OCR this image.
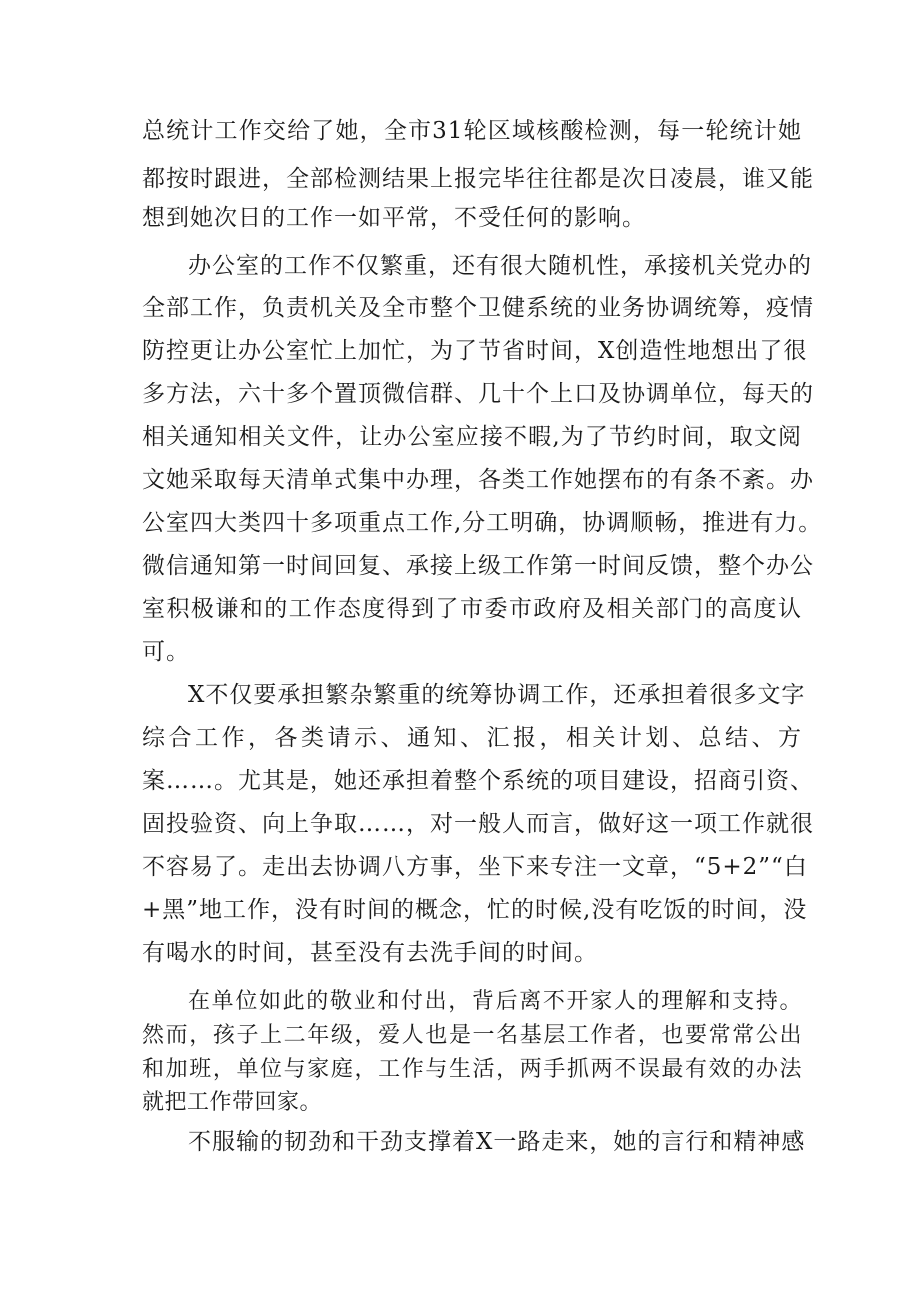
总统计工作交给了她，全市31轮区域核酸检测，每一轮统计她
都按时跟进，全部检测结果上报完毕往往都是次日凌晨，谁又能
想到她次日的工作一如平常，不受任何的影响。
办公室的工作不仅繁重，还有很大随机性，承接机关党办的
全部工作，负责机关及全市整个卫健系统的业务协调统筹，疫情
防控更让办公室忙上加忙，为了节省时间，X创造性地想出了很
多方法，六十多个置顶微信群、几十个上口及协调单位，每天的
相关通知相关文件，让办公室应接不暇,为了节约时间，取文阅
文她采取每天清单式集中办理，各类工作她摆布的有条不紊。办
公室四大类四十多项重点工作,分工明确，协调顺畅，推进有力。
微信通知第一时间回复、承接上级工作第一时间反馈，整个办公
室积极谦和的工作态度得到了市委市政府及相关部门的高度认
可。
X不仅要承担繁杂繁重的统筹协调工作，还承担着很多文字
综合工作，各类请示、通知、汇报，相关计划、总结、方
案……。尤其是，她还承担着整个系统的项目建设，招商引资、
固投验资、向上争取……，对一般人而言，做好这一项工作就很
不容易了。走出去协调八方事，坐下来专注一文章，“5+2”“白
+黑”地工作，没有时间的概念，忙的时候,没有吃饭的时间，没
有喝水的时间，甚至没有去洗手间的时间。
在单位如此的敬业和付出，背后离不开家人的理解和支持。
然而，孩子上二年级，爱人也是一名基层工作者，也要常常公出
和加班，单位与家庭，工作与生活，两手抓两不误最有效的办法
就把工作带回家。
不服输的韧劲和干劲支撑着X一路走来，她的言行和精神感
